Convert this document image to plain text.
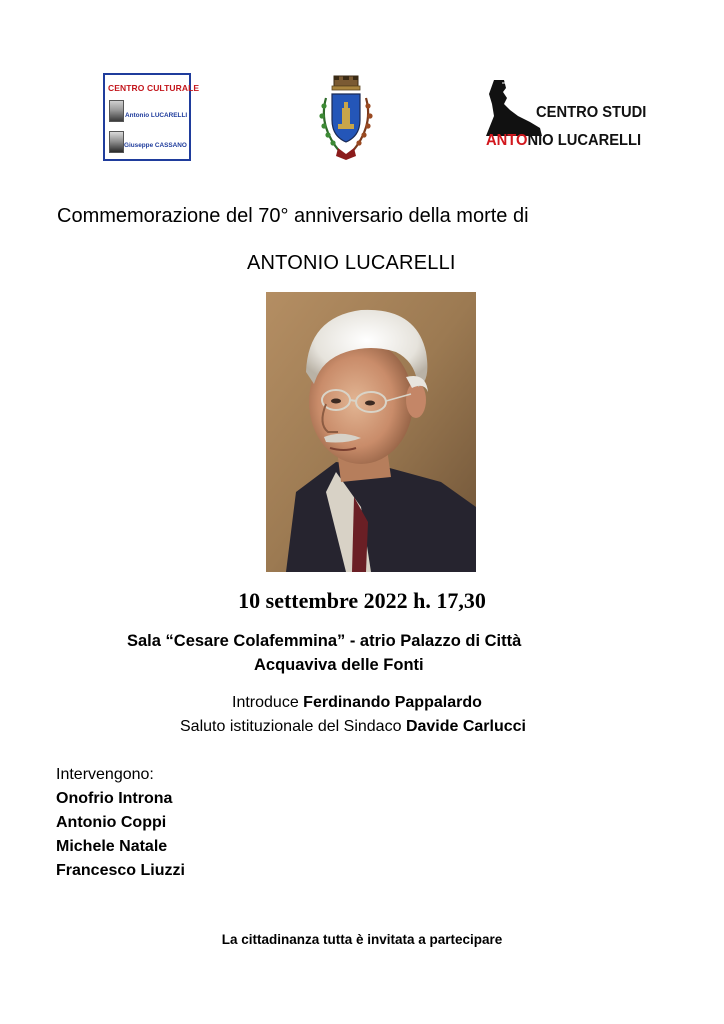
CENTRO CULTURALE
Antonio LUCARELLI
Giuseppe CASSANO
CENTRO STUDI
ANTONIO LUCARELLI
Commemorazione del 70° anniversario della morte di
ANTONIO LUCARELLI
10 settembre 2022 h. 17,30
Sala “Cesare Colafemmina” - atrio Palazzo di Città
Acquaviva delle Fonti
Introduce Ferdinando Pappalardo
Saluto istituzionale del Sindaco Davide Carlucci
Intervengono:
Onofrio Introna
Antonio Coppi
Michele Natale
Francesco Liuzzi
La cittadinanza tutta è invitata a partecipare
